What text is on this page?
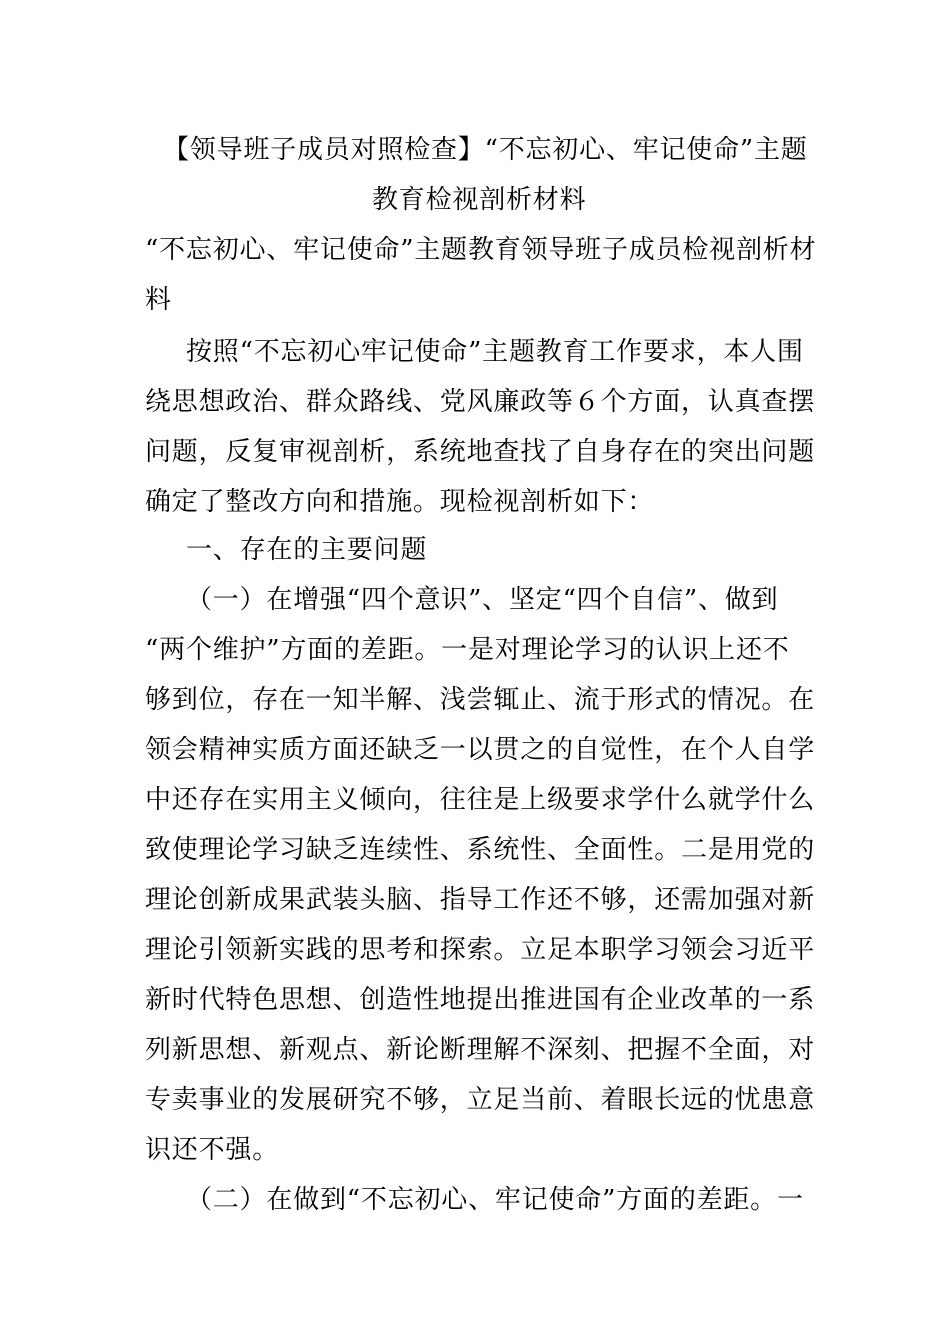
【领导班子成员对照检查】“不忘初心、牢记使命”主题
教育检视剖析材料
“不忘初心、牢记使命”主题教育领导班子成员检视剖析材
料
按照“不忘初心牢记使命”主题教育工作要求，本人围
绕思想政治、群众路线、党风廉政等６个方面，认真查摆
问题，反复审视剖析，系统地查找了自身存在的突出问题
确定了整改方向和措施。现检视剖析如下：
一、存在的主要问题
（一）在增强“四个意识”、坚定“四个自信”、做到
“两个维护”方面的差距。一是对理论学习的认识上还不
够到位，存在一知半解、浅尝辄止、流于形式的情况。在
领会精神实质方面还缺乏一以贯之的自觉性，在个人自学
中还存在实用主义倾向，往往是上级要求学什么就学什么
致使理论学习缺乏连续性、系统性、全面性。二是用党的
理论创新成果武装头脑、指导工作还不够，还需加强对新
理论引领新实践的思考和探索。立足本职学习领会习近平
新时代特色思想、创造性地提出推进国有企业改革的一系
列新思想、新观点、新论断理解不深刻、把握不全面，对
专卖事业的发展研究不够，立足当前、着眼长远的忧患意
识还不强。
（二）在做到“不忘初心、牢记使命”方面的差距。一
